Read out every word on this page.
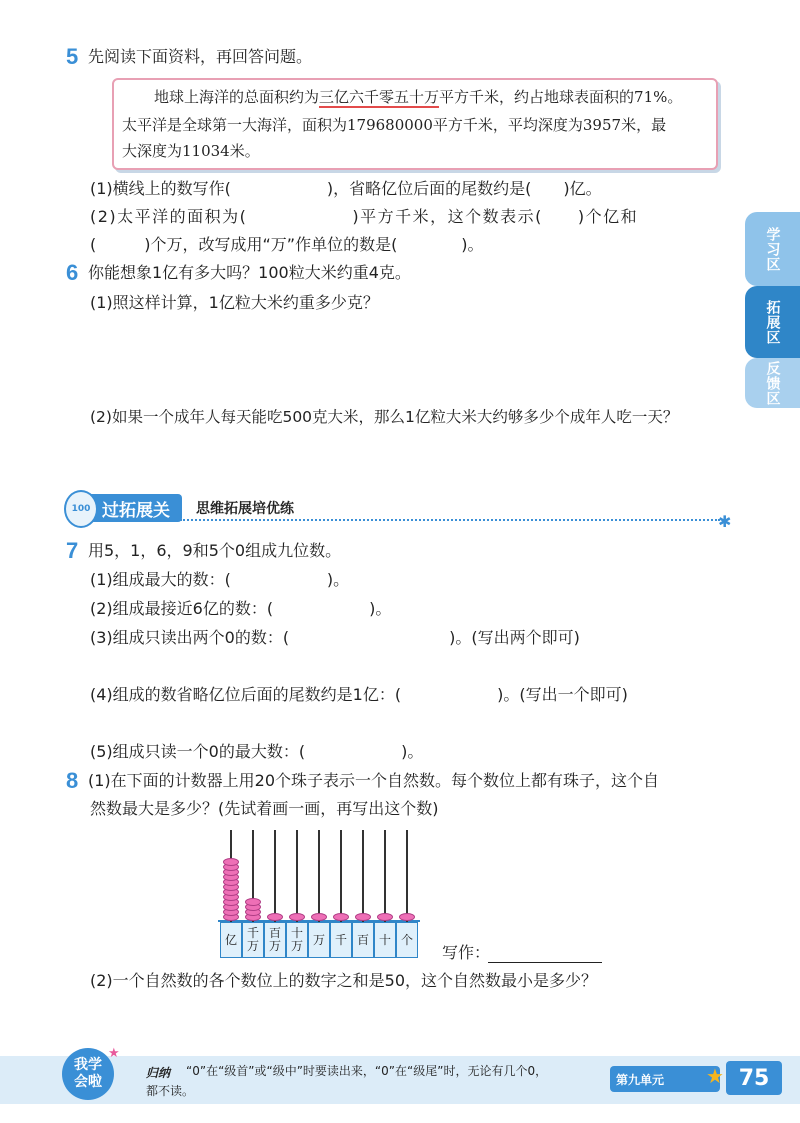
5 先阅读下面资料，再回答问题。
地球上海洋的总面积约为三亿六千零五十万平方千米，约占地球表面积的71%。
太平洋是全球第一大海洋，面积为179680000平方千米，平均深度为3957米，最
大深度为11034米。
(1)横线上的数写作(　　　　　　)，省略亿位后面的尾数约是(　　)亿。
(2)太平洋的面积为(　　　　　　)平方千米，这个数表示(　　)个亿和
(　　　)个万，改写成用“万”作单位的数是(　　　　)。
6 你能想象1亿有多大吗？100粒大米约重4克。
(1)照这样计算，1亿粒大米约重多少克？
(2)如果一个成年人每天能吃500克大米，那么1亿粒大米大约够多少个成年人吃一天？
学习区
拓展区
反馈区
过拓展关
100	思维拓展培优练
✱
7 用5，1，6，9和5个0组成九位数。
(1)组成最大的数：(　　　　　　)。
(2)组成最接近6亿的数：(　　　　　　)。
(3)组成只读出两个0的数：(　　　　　　　　　　)。(写出两个即可)
(4)组成的数省略亿位后面的尾数约是1亿：(　　　　　　)。(写出一个即可)
(5)组成只读一个0的最大数：(　　　　　　)。
8 (1)在下面的计数器上用20个珠子表示一个自然数。每个数位上都有珠子，这个自
然数最大是多少？(先试着画一画，再写出这个数)
亿 千
万
百
万
十
万 万 千 百 十 个
写作：
(2)一个自然数的各个数位上的数字之和是50，这个自然数最小是多少？
我学
会啦
★
归纳 “0”在“级首”或“级中”时要读出来，“0”在“级尾”时，无论有几个0，
都不读。
第九单元 ★ 75
